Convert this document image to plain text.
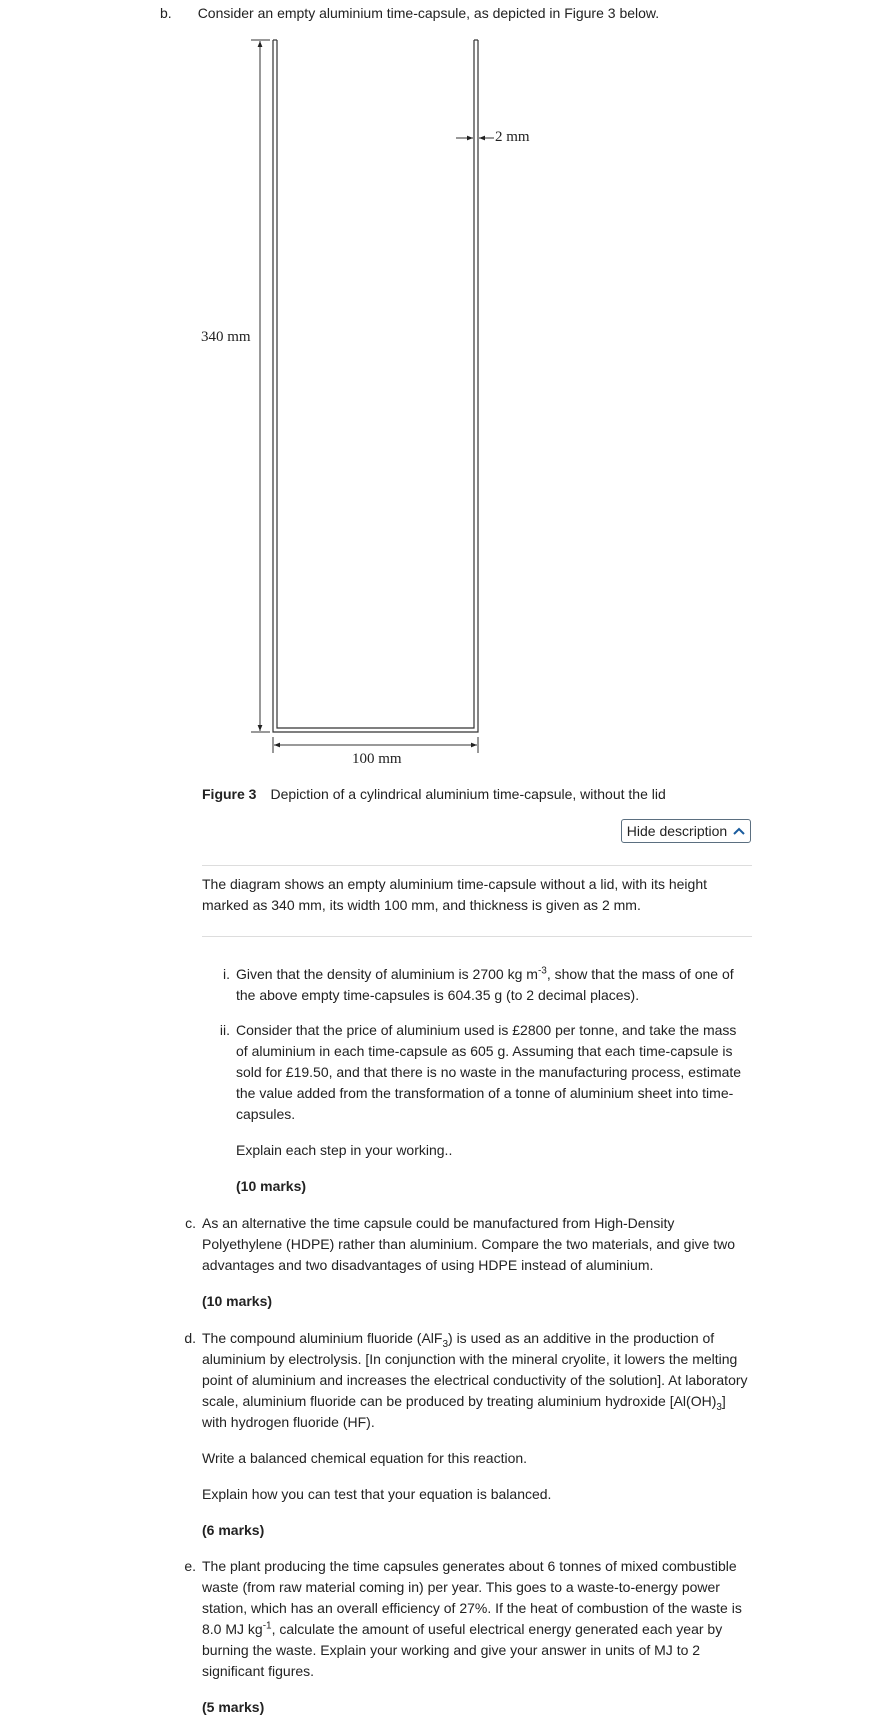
b. Consider an empty aluminium time-capsule, as depicted in Figure 3 below.
340 mm
2 mm
100 mm
Figure 3 Depiction of a cylindrical aluminium time-capsule, without the lid
Hide description

The diagram shows an empty aluminium time-capsule without a lid, with its height

marked as 340 mm, its width 100 mm, and thickness is given as 2 mm.

i. Given that the density of aluminium is 2700 kg $m^{-3}$, show that the mass of one of

the above empty time-capsules is 604.35 g (to 2 decimal places).

ii. Consider that the price of aluminium used is £2800 per tonne, and take the mass

of aluminium in each time-capsule as 605 g. Assuming that each time-capsule is

sold for £19.50, and that there is no waste in the manufacturing process, estimate

the value added from the transformation of a tonne of aluminium sheet into time-

capsules.

Explain each step in your working..

(10 marks)

c. As an alternative the time capsule could be manufactured from High-Density

Polyethylene (HDPE) rather than aluminium. Compare the two materials, and give two

advantages and two disadvantages of using HDPE instead of aluminium.

(10 marks)

d. The compound aluminium fluoride (AlF$_3$) is used as an additive in the production of

aluminium by electrolysis. [In conjunction with the mineral cryolite, it lowers the melting

point of aluminium and increases the electrical conductivity of the solution]. At laboratory

scale, aluminium fluoride can be produced by treating aluminium hydroxide $[Al(OH)_3]$

with hydrogen fluoride (HF).

Write a balanced chemical equation for this reaction.

Explain how you can test that your equation is balanced.

(6 marks)

e. The plant producing the time capsules generates about 6 tonnes of mixed combustible

waste (from raw material coming in) per year. This goes to a waste-to-energy power

station, which has an overall efficiency of 27%. If the heat of combustion of the waste is

8.0 MJ $kg^{-1}$, calculate the amount of useful electrical energy generated each year by

burning the waste. Explain your working and give your answer in units of MJ to 2

significant figures.

(5 marks)
